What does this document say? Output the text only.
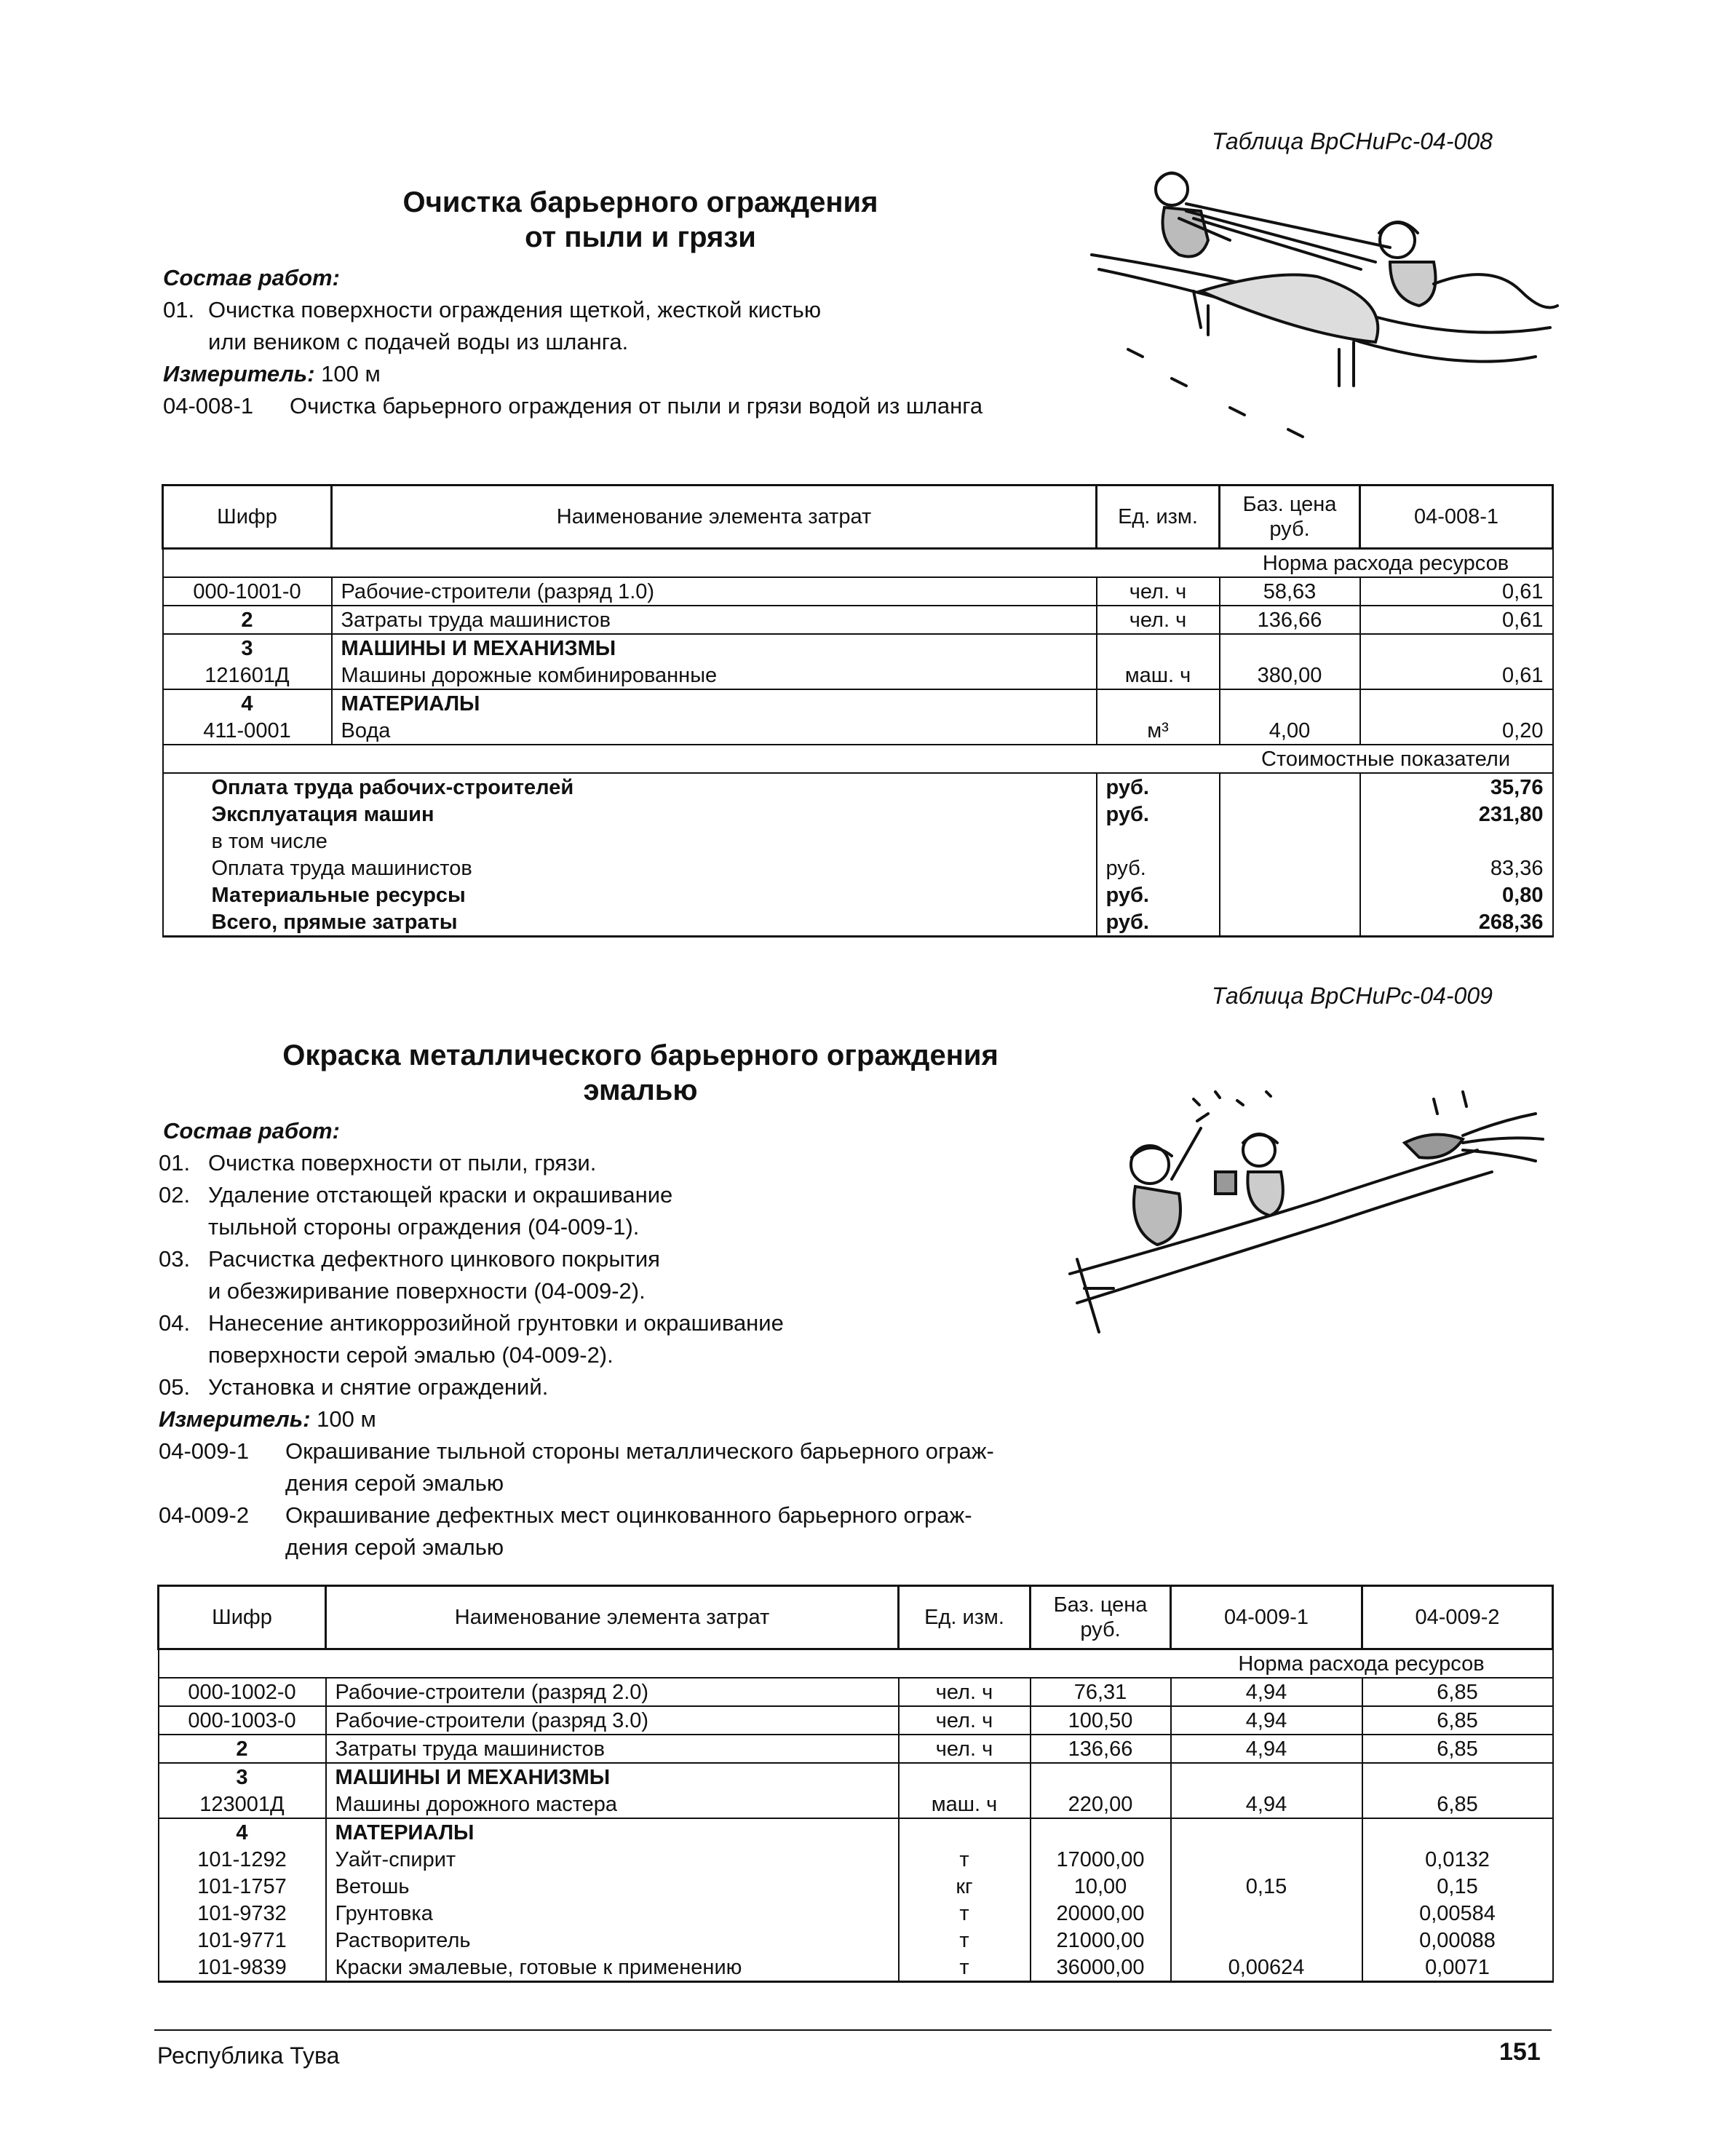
Таблица ВрСНиРс-04-008
Очистка барьерного ограждения
от пыли и грязи
Состав работ:
01. Очистка поверхности ограждения щеткой, жесткой кистью
или веником с подачей воды из шланга.
Измеритель: 100 м
04-008-1 Очистка барьерного ограждения от пыли и грязи водой из шланга
Шифр	Наименование элемента затрат	Ед. изм.	Баз. цена руб.	04-008-1
			Норма расхода ресурсов	
000-1001-0	Рабочие-строители (разряд 1.0)	чел. ч	58,63	0,61
2	Затраты труда машинистов	чел. ч	136,66	0,61
3	МАШИНЫ И МЕХАНИЗМЫ			
121601Д	Машины дорожные комбинированные	маш. ч	380,00	0,61
4	МАТЕРИАЛЫ			
411-0001	Вода	м³	4,00	0,20
			Стоимостные показатели	
Оплата труда рабочих-строителей		руб.		35,76
Эксплуатация машин		руб.		231,80
в том числе				
Оплата труда машинистов		руб.		83,36
Материальные ресурсы		руб.		0,80
Всего, прямые затраты		руб.		268,36
Таблица ВрСНиРс-04-009
Окраска металлического барьерного ограждения
эмалью
Состав работ:
01. Очистка поверхности от пыли, грязи.
02. Удаление отстающей краски и окрашивание
тыльной стороны ограждения (04-009-1).
03. Расчистка дефектного цинкового покрытия
и обезжиривание поверхности (04-009-2).
04. Нанесение антикоррозийной грунтовки и окрашивание
поверхности серой эмалью (04-009-2).
05. Установка и снятие ограждений.
Измеритель: 100 м
04-009-1 Окрашивание тыльной стороны металлического барьерного ограж-
дения серой эмалью
04-009-2 Окрашивание дефектных мест оцинкованного барьерного ограж-
дения серой эмалью
Шифр	Наименование элемента затрат	Ед. изм.	Баз. цена руб.	04-009-1	04-009-2
				Норма расхода ресурсов	
000-1002-0	Рабочие-строители (разряд 2.0)	чел. ч	76,31	4,94	6,85
000-1003-0	Рабочие-строители (разряд 3.0)	чел. ч	100,50	4,94	6,85
2	Затраты труда машинистов	чел. ч	136,66	4,94	6,85
3	МАШИНЫ И МЕХАНИЗМЫ				
123001Д	Машины дорожного мастера	маш. ч	220,00	4,94	6,85
4	МАТЕРИАЛЫ				
101-1292	Уайт-спирит	т	17000,00		0,0132
101-1757	Ветошь	кг	10,00	0,15	0,15
101-9732	Грунтовка	т	20000,00		0,00584
101-9771	Растворитель	т	21000,00		0,00088
101-9839	Краски эмалевые, готовые к применению	т	36000,00	0,00624	0,0071
Республика Тува	151
